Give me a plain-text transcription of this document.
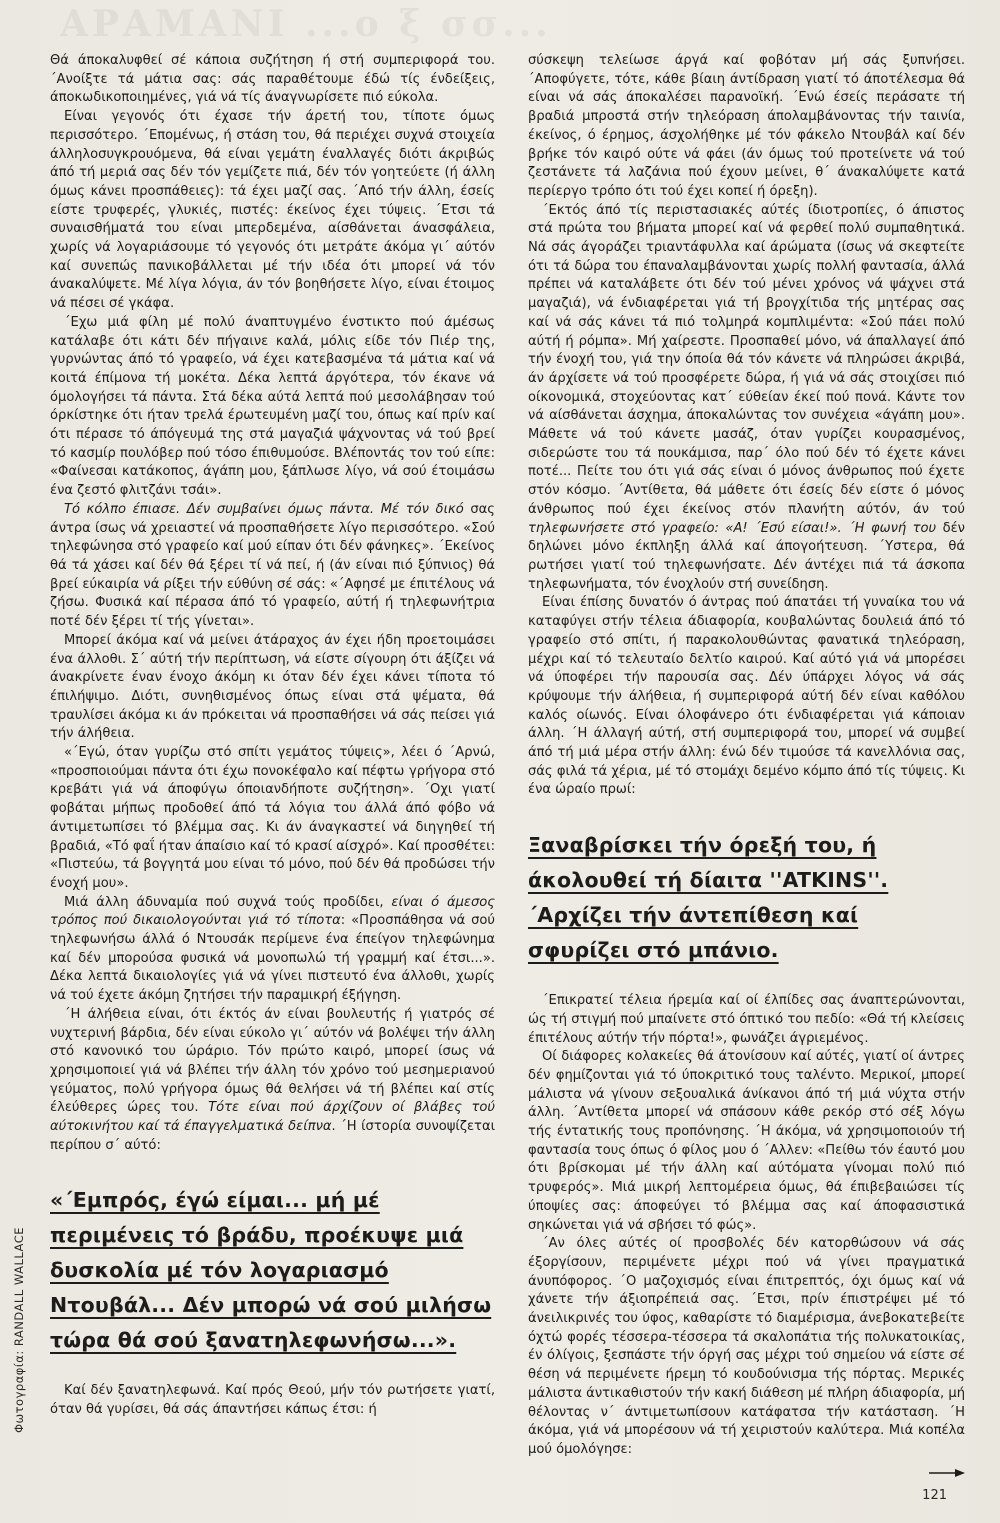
ΑΡΑΜΑΝΙ ...ο ξ σσ...
Φωτογραφία: RANDALL WALLACE

Θά άποκαλυφθεί σέ κάποια συζήτηση ή στή συμπεριφορά του. ΄Ανοίξτε τά μάτια σας: σάς παραθέτουμε έδώ τίς ένδείξεις, άποκωδικοποιημένες, γιά νά τίς άναγνωρίσετε πιό εύκολα.

Είναι γεγονός ότι έχασε τήν άρετή του, τίποτε όμως περισσότερο. ΄Επομένως, ή στάση του, θά περιέχει συχνά στοιχεία άλληλοσυγκρουόμενα, θά είναι γεμάτη έναλλαγές διότι άκριβώς άπό τή μεριά σας δέν τόν γεμίζετε πιά, δέν τόν γοητεύετε (ή άλλη όμως κάνει προσπάθειες): τά έχει μαζί σας. ΄Από τήν άλλη, έσείς είστε τρυφερές, γλυκιές, πιστές: έκείνος έχει τύψεις. ΄Ετσι τά συναισθήματά του είναι μπερδεμένα, αίσθάνεται άνασφάλεια, χωρίς νά λογαριάσουμε τό γεγονός ότι μετράτε άκόμα γι΄ αύτόν καί συνεπώς πανικοβάλλεται μέ τήν ιδέα ότι μπορεί νά τόν άνακαλύψετε. Μέ λίγα λόγια, άν τόν βοηθήσετε λίγο, είναι έτοιμος νά πέσει σέ γκάφα.

΄Εχω μιά φίλη μέ πολύ άναπτυγμένο ένστικτο πού άμέσως κατάλαβε ότι κάτι δέν πήγαινε καλά, μόλις είδε τόν Πιέρ της, γυρνώντας άπό τό γραφείο, νά έχει κατεβασμένα τά μάτια καί νά κοιτά έπίμονα τή μοκέτα. Δέκα λεπτά άργότερα, τόν έκανε νά όμολογήσει τά πάντα. Στά δέκα αύτά λεπτά πού μεσολάβησαν τού όρκίστηκε ότι ήταν τρελά έρωτευμένη μαζί του, όπως καί πρίν καί ότι πέρασε τό άπόγευμά της στά μαγαζιά ψάχνοντας νά τού βρεί τό κασμίρ πουλόβερ πού τόσο έπιθυμούσε. Βλέποντάς τον τού είπε: «Φαίνεσαι κατάκοπος, άγάπη μου, ξάπλωσε λίγο, νά σού έτοιμάσω ένα ζεστό φλιτζάνι τσάι».

Τό κόλπο έπιασε. Δέν συμβαίνει όμως πάντα. Μέ τόν δικό σας άντρα ίσως νά χρειαστεί νά προσπαθήσετε λίγο περισσότερο. «Σού τηλεφώνησα στό γραφείο καί μού είπαν ότι δέν φάνηκες». ΄Εκείνος θά τά χάσει καί δέν θά ξέρει τί νά πεί, ή (άν είναι πιό ξύπνιος) θά βρεί εύκαιρία νά ρίξει τήν εύθύνη σέ σάς: «΄Αφησέ με έπιτέλους νά ζήσω. Φυσικά καί πέρασα άπό τό γραφείο, αύτή ή τηλεφωνήτρια ποτέ δέν ξέρει τί τής γίνεται».

Μπορεί άκόμα καί νά μείνει άτάραχος άν έχει ήδη προετοιμάσει ένα άλλοθι. Σ΄ αύτή τήν περίπτωση, νά είστε σίγουρη ότι άξίζει νά άνακρίνετε έναν ένοχο άκόμη κι όταν δέν έχει κάνει τίποτα τό έπιλήψιμο. Διότι, συνηθισμένος όπως είναι στά ψέματα, θά τραυλίσει άκόμα κι άν πρόκειται νά προσπαθήσει νά σάς πείσει γιά τήν άλήθεια.

«΄Εγώ, όταν γυρίζω στό σπίτι γεμάτος τύψεις», λέει ό ΄Αρνώ, «προσποιούμαι πάντα ότι έχω πονοκέφαλο καί πέφτω γρήγορα στό κρεβάτι γιά νά άποφύγω όποιανδήποτε συζήτηση». ΄Οχι γιατί φοβάται μήπως προδοθεί άπό τά λόγια του άλλά άπό φόβο νά άντιμετωπίσει τό βλέμμα σας. Κι άν άναγκαστεί νά διηγηθεί τή βραδιά, «Τό φαΐ ήταν άπαίσιο καί τό κρασί αίσχρό». Καί προσθέτει: «Πιστεύω, τά βογγητά μου είναι τό μόνο, πού δέν θά προδώσει τήν ένοχή μου».

Μιά άλλη άδυναμία πού συχνά τούς προδίδει, είναι ό άμεσος τρόπος πού δικαιολογούνται γιά τό τίποτα: «Προσπάθησα νά σού τηλεφωνήσω άλλά ό Ντουσάκ περίμενε ένα έπείγον τηλεφώνημα καί δέν μπορούσα φυσικά νά μονοπωλώ τή γραμμή καί έτσι...». Δέκα λεπτά δικαιολογίες γιά νά γίνει πιστευτό ένα άλλοθι, χωρίς νά τού έχετε άκόμη ζητήσει τήν παραμικρή έξήγηση.

΄Η άλήθεια είναι, ότι έκτός άν είναι βουλευτής ή γιατρός σέ νυχτερινή βάρδια, δέν είναι εύκολο γι΄ αύτόν νά βολέψει τήν άλλη στό κανονικό του ώράριο. Τόν πρώτο καιρό, μπορεί ίσως νά χρησιμοποιεί γιά νά βλέπει τήν άλλη τόν χρόνο τού μεσημεριανού γεύματος, πολύ γρήγορα όμως θά θελήσει νά τή βλέπει καί στίς έλεύθερες ώρες του. Τότε είναι πού άρχίζουν οί βλάβες τού αύτοκινήτου καί τά έπαγγελματικά δείπνα. ΄Η ίστορία συνοψίζεται περίπου σ΄ αύτό:

«΄Εμπρός, έγώ είμαι... μή μέ περιμένεις τό βράδυ, προέκυψε μιά δυσκολία μέ τόν λογαριασμό Ντουβάλ... Δέν μπορώ νά σού μιλήσω τώρα θά σού ξανατηλεφωνήσω...».

Καί δέν ξανατηλεφωνά. Καί πρός Θεού, μήν τόν ρωτήσετε γιατί, όταν θά γυρίσει, θά σάς άπαντήσει κάπως έτσι: ή

σύσκεψη τελείωσε άργά καί φοβόταν μή σάς ξυπνήσει. ΄Αποφύγετε, τότε, κάθε βίαιη άντίδραση γιατί τό άποτέλεσμα θά είναι νά σάς άποκαλέσει παρανοϊκή. ΄Ενώ έσείς περάσατε τή βραδιά μπροστά στήν τηλεόραση άπολαμβάνοντας τήν ταινία, έκείνος, ό έρημος, άσχολήθηκε μέ τόν φάκελο Ντουβάλ καί δέν βρήκε τόν καιρό ούτε νά φάει (άν όμως τού προτείνετε νά τού ζεστάνετε τά λαζάνια πού έχουν μείνει, θ΄ άνακαλύψετε κατά περίεργο τρόπο ότι τού έχει κοπεί ή όρεξη).

΄Εκτός άπό τίς περιστασιακές αύτές ίδιοτροπίες, ό άπιστος στά πρώτα του βήματα μπορεί καί νά φερθεί πολύ συμπαθητικά. Νά σάς άγοράζει τριαντάφυλλα καί άρώματα (ίσως νά σκεφτείτε ότι τά δώρα του έπαναλαμβάνονται χωρίς πολλή φαντασία, άλλά πρέπει νά καταλάβετε ότι δέν τού μένει χρόνος νά ψάχνει στά μαγαζιά), νά ένδιαφέρεται γιά τή βρογχίτιδα τής μητέρας σας καί νά σάς κάνει τά πιό τολμηρά κομπλιμέντα: «Σού πάει πολύ αύτή ή ρόμπα». Μή χαίρεστε. Προσπαθεί μόνο, νά άπαλλαγεί άπό τήν ένοχή του, γιά την όποία θά τόν κάνετε νά πληρώσει άκριβά, άν άρχίσετε νά τού προσφέρετε δώρα, ή γιά νά σάς στοιχίσει πιό οίκονομικά, στοχεύοντας κατ΄ εύθείαν έκεί πού πονά. Κάντε τον νά αίσθάνεται άσχημα, άποκαλώντας τον συνέχεια «άγάπη μου». Μάθετε νά τού κάνετε μασάζ, όταν γυρίζει κουρασμένος, σιδερώστε του τά πουκάμισα, παρ΄ όλο πού δέν τό έχετε κάνει ποτέ... Πείτε του ότι γιά σάς είναι ό μόνος άνθρωπος πού έχετε στόν κόσμο. ΄Αντίθετα, θά μάθετε ότι έσείς δέν είστε ό μόνος άνθρωπος πού έχει έκείνος στόν πλανήτη αύτόν, άν τού τηλεφωνήσετε στό γραφείο: «Α! ΄Εσύ είσαι!». ΄Η φωνή του δέν δηλώνει μόνο έκπληξη άλλά καί άπογοήτευση. ΄Υστερα, θά ρωτήσει γιατί τού τηλεφωνήσατε. Δέν άντέχει πιά τά άσκοπα τηλεφωνήματα, τόν ένοχλούν στή συνείδηση.

Είναι έπίσης δυνατόν ό άντρας πού άπατάει τή γυναίκα του νά καταφύγει στήν τέλεια άδιαφορία, κουβαλώντας δουλειά άπό τό γραφείο στό σπίτι, ή παρακολουθώντας φανατικά τηλεόραση, μέχρι καί τό τελευταίο δελτίο καιρού. Καί αύτό γιά νά μπορέσει νά ύποφέρει τήν παρουσία σας. Δέν ύπάρχει λόγος νά σάς κρύψουμε τήν άλήθεια, ή συμπεριφορά αύτή δέν είναι καθόλου καλός οίωνός. Είναι όλοφάνερο ότι ένδιαφέρεται γιά κάποιαν άλλη. ΄Η άλλαγή αύτή, στή συμπεριφορά του, μπορεί νά συμβεί άπό τή μιά μέρα στήν άλλη: ένώ δέν τιμούσε τά κανελλόνια σας, σάς φιλά τά χέρια, μέ τό στομάχι δεμένο κόμπο άπό τίς τύψεις. Κι ένα ώραίο πρωί:

Ξαναβρίσκει τήν όρεξή του, ή άκολουθεί τή δίαιτα ''ATKINS''. ΄Αρχίζει τήν άντεπίθεση καί σφυρίζει στό μπάνιο.

΄Επικρατεί τέλεια ήρεμία καί οί έλπίδες σας άναπτερώνονται, ώς τή στιγμή πού μπαίνετε στό όπτικό του πεδίο: «Θά τή κλείσεις έπιτέλους αύτήν τήν πόρτα!», φωνάζει άγριεμένος.

Οί διάφορες κολακείες θά άτονίσουν καί αύτές, γιατί οί άντρες δέν φημίζονται γιά τό ύποκριτικό τους ταλέντο. Μερικοί, μπορεί μάλιστα νά γίνουν σεξουαλικά άνίκανοι άπό τή μιά νύχτα στήν άλλη. ΄Αντίθετα μπορεί νά σπάσουν κάθε ρεκόρ στό σέξ λόγω τής έντατικής τους προπόνησης. ΄Η άκόμα, νά χρησιμοποιούν τή φαντασία τους όπως ό φίλος μου ό ΄Αλλεν: «Πείθω τόν έαυτό μου ότι βρίσκομαι μέ τήν άλλη καί αύτόματα γίνομαι πολύ πιό τρυφερός». Μιά μικρή λεπτομέρεια όμως, θά έπιβεβαιώσει τίς ύποψίες σας: άποφεύγει τό βλέμμα σας καί άποφασιστικά σηκώνεται γιά νά σβήσει τό φώς».

΄Αν όλες αύτές οί προσβολές δέν κατορθώσουν νά σάς έξοργίσουν, περιμένετε μέχρι πού νά γίνει πραγματικά άνυπόφορος. ΄Ο μαζοχισμός είναι έπιτρεπτός, όχι όμως καί νά χάνετε τήν άξιοπρέπειά σας. ΄Ετσι, πρίν έπιστρέψει μέ τό άνειλικρινές του ύφος, καθαρίστε τό διαμέρισμα, άνεβοκατεβείτε όχτώ φορές τέσσερα-τέσσερα τά σκαλοπάτια τής πολυκατοικίας, έν όλίγοις, ξεσπάστε τήν όργή σας μέχρι τού σημείου νά είστε σέ θέση νά περιμένετε ήρεμη τό κουδούνισμα τής πόρτας. Μερικές μάλιστα άντικαθιστούν τήν κακή διάθεση μέ πλήρη άδιαφορία, μή θέλοντας ν΄ άντιμετωπίσουν κατάφατσα τήν κατάσταση. ΄Η άκόμα, γιά νά μπορέσουν νά τή χειριστούν καλύτερα. Μιά κοπέλα μού όμολόγησε:

121
